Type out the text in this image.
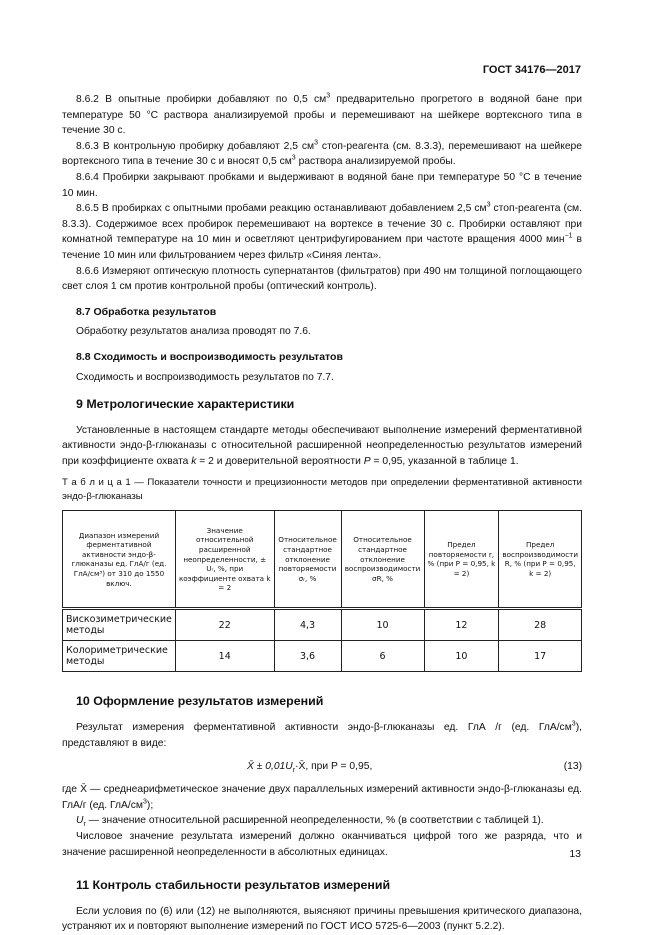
ГОСТ 34176—2017

8.6.2 В опытные пробирки добавляют по 0,5 $см^3$ предварительно прогретого в водяной бане при температуре 50 °С раствора анализируемой пробы и перемешивают на шейкере вортексного типа в течение 30 с.

8.6.3 В контрольную пробирку добавляют 2,5 $см^3$ стоп-реагента (см. 8.3.3), перемешивают на шейкере вортексного типа в течение 30 с и вносят 0,5 $см^3$ раствора анализируемой пробы.

8.6.4 Пробирки закрывают пробками и выдерживают в водяной бане при температуре 50 °С в течение 10 мин.

8.6.5 В пробирках с опытными пробами реакцию останавливают добавлением 2,5 $см^3$ стоп-реагента (см. 8.3.3). Содержимое всех пробирок перемешивают на вортексе в течение 30 с. Пробирки оставляют при комнатной температуре на 10 мин и осветляют центрифугированием при частоте вращения 4000 мин$^{-1}$ в течение 10 мин или фильтрованием через фильтр «Синяя лента».

8.6.6 Измеряют оптическую плотность супернатантов (фильтратов) при 490 нм толщиной поглощающего свет слоя 1 см против контрольной пробы (оптический контроль).

8.7 Обработка результатов

Обработку результатов анализа проводят по 7.6.

8.8 Сходимость и воспроизводимость результатов

Сходимость и воспроизводимость результатов по 7.7.

9 Метрологические характеристики

Установленные в настоящем стандарте методы обеспечивают выполнение измерений ферментативной активности эндо-β-глюканазы с относительной расширенной неопределенностью результатов измерений при коэффициенте охвата k = 2 и доверительной вероятности P = 0,95, указанной в таблице 1.

Т а б л и ц а 1 — Показатели точности и прецизионности методов при определении ферментативной активности эндо-β-глюканазы

Диапазон измерений ферментативной активности эндо-β-глюканазы ед. ГлА/г (ед. ГлА/см³) от 310 до 1550 включ.	Значение относительной расширенной неопределенности, ± Uᵣ, %, при коэффициенте охвата k = 2	Относительное стандартное отклонение повторяемости σᵣ, %	Относительное стандартное отклонение воспроизводимости σR, %	Предел повторяемости r, % (при P = 0,95, k = 2)	Предел воспроизводимости R, % (при P = 0,95, k = 2)
Вискозиметрические методы	22	4,3	10	12	28
Колориметрические методы	14	3,6	6	10	17

10 Оформление результатов измерений

Результат измерения ферментативной активности эндо-β-глюканазы ед. ГлА /г (ед. ГлА/$см^3$), представляют в виде:

X̄ ± $0,01U_r\cdot X̄$, при P = 0,95,	(13)

где X̄ — среднеарифметическое значение двух параллельных измерений активности эндо-β-глюканазы ед. ГлА/г (ед. ГлА/$см^3$);

$U_r$ — значение относительной расширенной неопределенности, % (в соответствии с таблицей 1).

Числовое значение результата измерений должно оканчиваться цифрой того же разряда, что и значение расширенной неопределенности в абсолютных единицах.

11 Контроль стабильности результатов измерений

Если условия по (6) или (12) не выполняются, выясняют причины превышения критического диапазона, устраняют их и повторяют выполнение измерений по ГОСТ ИСО 5725-6—2003 (пункт 5.2.2).

13
